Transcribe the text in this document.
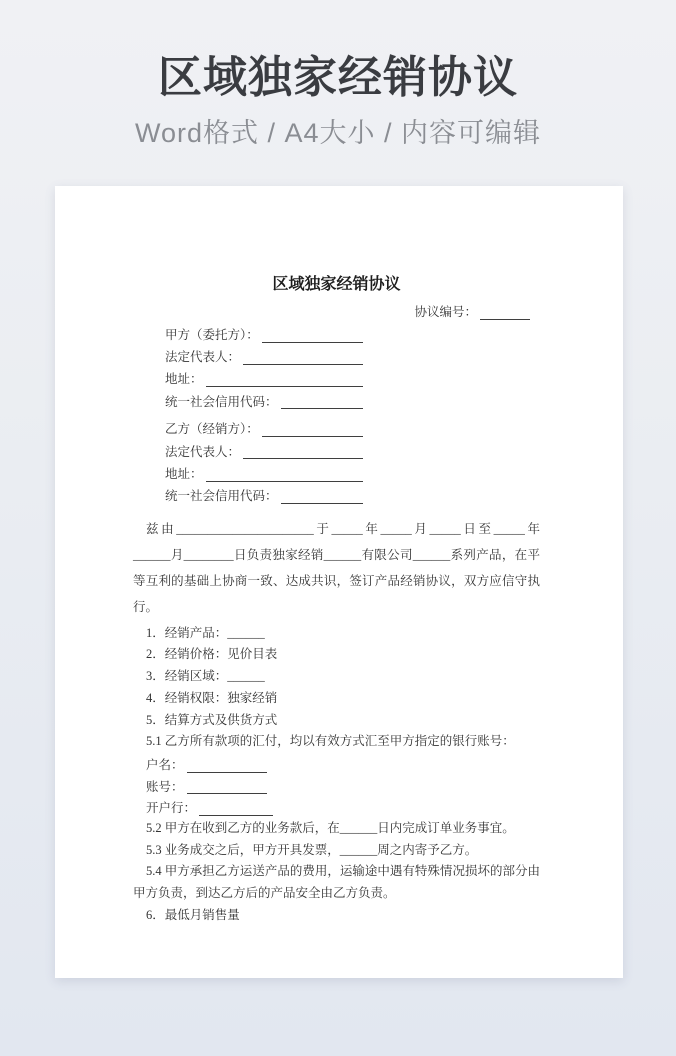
区域独家经销协议
Word格式 / A4大小 / 内容可编辑
区域独家经销协议
协议编号：
甲方（委托方）：
法定代表人：
地址：
统一社会信用代码：
乙方（经销方）：
法定代表人：
地址：
统一社会信用代码：

兹由______________________于_____年_____月_____日至_____年______月________日负责独家经销______有限公司______系列产品，在平等互利的基础上协商一致、达成共识，签订产品经销协议，双方应信守执行。

1．经销产品：______
2．经销价格：见价目表
3．经销区域：______
4．经销权限：独家经销
5．结算方式及供货方式
5.1 乙方所有款项的汇付，均以有效方式汇至甲方指定的银行账号：
户名：
账号：
开户行：
5.2 甲方在收到乙方的业务款后，在______日内完成订单业务事宜。
5.3 业务成交之后，甲方开具发票，______周之内寄予乙方。
5.4 甲方承担乙方运送产品的费用，运输途中遇有特殊情况损坏的部分由甲方负责，到达乙方后的产品安全由乙方负责。
6．最低月销售量
